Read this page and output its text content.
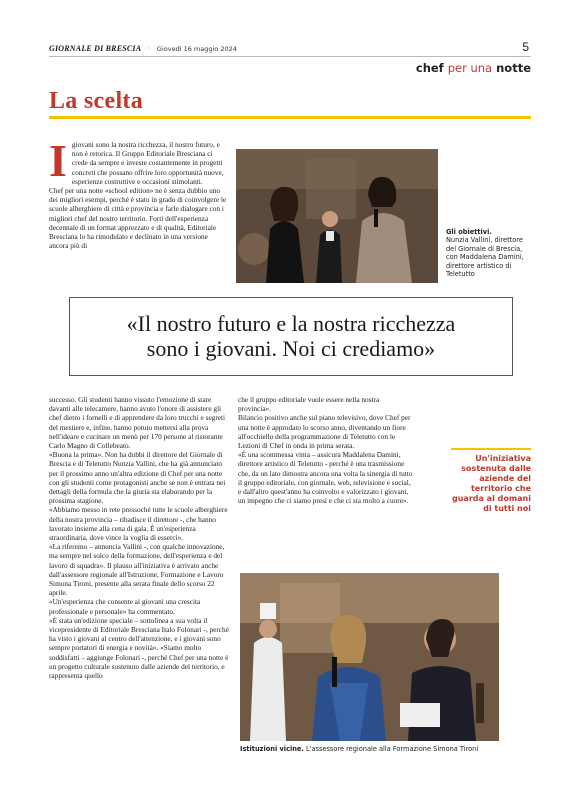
GIORNALE DI BRESCIA · Giovedì 16 maggio 2024	5
chef per una notte
La scelta

I giovani sono la nostra ricchezza, il nostro futuro, e non è retorica. Il Gruppo Editoriale Bresciana ci crede da sempre e investe costantemente in progetti concreti che possano offrire loro opportunità nuove, esperienze costruttive e occasioni stimolanti.

Chef per una notte «school edition» ne è senza dubbio uno dei migliori esempi, perché è stato in grado di coinvolgere le scuole alberghiere di città e provincia e farle dialogare con i migliori chef del nostro territorio. Forti dell'esperienza decennale di un format apprezzato e di qualità, Editoriale Bresciana lo ha rimodulato e declinato in una versione ancora più di

Gli obiettivi.
Nunzia Vallini, direttore del Giornale di Brescia, con Maddalena Damini, direttore artistico di Teletutto
«Il nostro futuro e la nostra ricchezza
sono i giovani. Noi ci crediamo»

successo. Gli studenti hanno vissuto l'emozione di stare davanti alle telecamere, hanno avuto l'onore di assistere gli chef dietro i fornelli e di apprendere da loro trucchi e segreti del mestiere e, infine, hanno potuto mettersi alla prova nell'ideare e cucinare un menù per 170 persone al ristorante Carlo Magno di Collebeato.

«Buona la prima». Non ha dubbi il direttore del Giornale di Brescia e di Teletutto Nunzia Vallini, che ha già annunciato per il prossimo anno un'altra edizione di Chef per una notte con gli studenti come protagonisti anche se non è entrata nei dettagli della formula che la giuria sta elaborando per la prossima stagione.

«Abbiamo messo in rete pressoché tutte le scuole alberghiere della nostra provincia – ribadisce il direttore -, che hanno lavorato insieme alla cena di gala. È un'esperienza straordinaria, dove vince la voglia di esserci».

«La riferemo – annuncia Vallini -, con qualche innovazione, ma sempre nel solco della formazione, dell'esperienza e del lavoro di squadra». Il plauso all'iniziativa è arrivato anche dall'assessore regionale all'Istruzione, Formazione e Lavoro Simona Tironi, presente alla serata finale dello scorso 22 aprile.

«Un'esperienza che consente ai giovani una crescita professionale e personale» ha commentato.

«È stata un'edizione speciale – sottolinea a sua volta il vicepresidente di Editoriale Bresciana Italo Folonari -, perché ha visto i giovani al centro dell'attenzione, e i giovani sono sempre portatori di energia e novità». «Siamo molto soddisfatti – aggiunge Folonari -, perché Chef per una notte è un progetto culturale sostenuto dalle aziende del territorio, e rappresenta quello

che il gruppo editoriale vuole essere nella nostra provincia».

Bilancio positivo anche sul piano televisivo, dove Chef per una notte è approdato lo scorso anno, diventando un fiore all'occhiello della programmazione di Teletutto con le Lezioni di Chef in onda in prima serata.

«È una scommessa vinta – assicura Maddalena Damini, direttore artistico di Teletutto - perché è una trasmissione che, da un lato dimostra ancora una volta la sinergia di tutto il gruppo editoriale, con giornale, web, televisione e social, e dall'altro quest'anno ha coinvolto e valorizzato i giovani, un impegno che ci siamo presi e che ci sta molto a cuore».

Un'iniziativa sostenuta dalle aziende del territorio che guarda al domani di tutti noi
Istituzioni vicine. L'assessore regionale alla Formazione Simona Tironi
